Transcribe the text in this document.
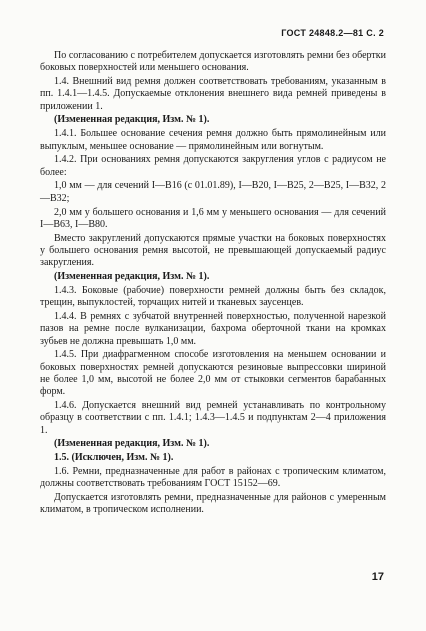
ГОСТ 24848.2—81 С. 2

По согласованию с потребителем допускается изготовлять ремни без обертки боковых поверхностей или меньшего основания.

1.4. Внешний вид ремня должен соответствовать требованиям, указанным в пп. 1.4.1—1.4.5. Допускаемые отклонения внешнего вида ремней приведены в приложении 1.

(Измененная редакция, Изм. № 1).

1.4.1. Большее основание сечения ремня должно быть прямолинейным или выпуклым, меньшее основание — прямолинейным или вогнутым.

1.4.2. При основаниях ремня допускаются закругления углов с радиусом не более:

1,0 мм — для сечений I—В16 (с 01.01.89), I—В20, I—В25, 2—В25, I—В32, 2—В32;

2,0 мм у большего основания и 1,6 мм у меньшего основания — для сечений I—В63, I—В80.

Вместо закруглений допускаются прямые участки на боковых поверхностях у большего основания ремня высотой, не превышающей допускаемый радиус закругления.

(Измененная редакция, Изм. № 1).

1.4.3. Боковые (рабочие) поверхности ремней должны быть без складок, трещин, выпуклостей, торчащих нитей и тканевых заусенцев.

1.4.4. В ремнях с зубчатой внутренней поверхностью, полученной нарезкой пазов на ремне после вулканизации, бахрома оберточной ткани на кромках зубьев не должна превышать 1,0 мм.

1.4.5. При диафрагменном способе изготовления на меньшем основании и боковых поверхностях ремней допускаются резиновые выпрессовки шириной не более 1,0 мм, высотой не более 2,0 мм от стыковки сегментов барабанных форм.

1.4.6. Допускается внешний вид ремней устанавливать по контрольному образцу в соответствии с пп. 1.4.1; 1.4.3—1.4.5 и подпунктам 2—4 приложения 1.

(Измененная редакция, Изм. № 1).

1.5. (Исключен, Изм. № 1).

1.6. Ремни, предназначенные для работ в районах с тропическим климатом, должны соответствовать требованиям ГОСТ 15152—69.

Допускается изготовлять ремни, предназначенные для районов с умеренным климатом, в тропическом исполнении.

17
